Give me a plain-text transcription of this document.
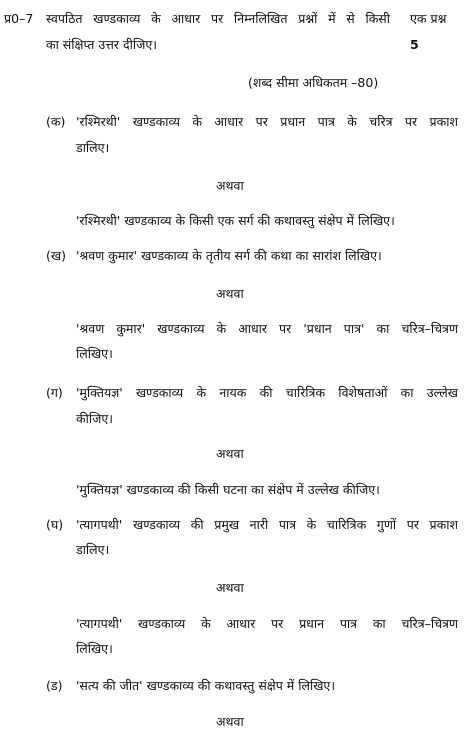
प्र0–7 स्वपठित खण्डकाव्य के आधार पर निम्नलिखित प्रश्नों में से किसी एक प्रश्न
का संक्षिप्त उत्तर दीजिए।	5
(शब्द सीमा अधिकतम –80)
(क) 'रश्मिरथी' खण्डकाव्य के आधार पर प्रधान पात्र के चरित्र पर प्रकाश
डालिए।
अथवा
'रश्मिरथी' खण्डकाव्य के किसी एक सर्ग की कथावस्तु संक्षेप में लिखिए।
(ख) 'श्रवण कुमार' खण्डकाव्य के तृतीय सर्ग की कथा का सारांश लिखिए।
अथवा
'श्रवण कुमार' खण्डकाव्य के आधार पर 'प्रधान पात्र' का चरित्र–चित्रण
लिखिए।
(ग) 'मुक्तियज्ञ' खण्डकाव्य के नायक की चारित्रिक विशेषताओं का उल्लेख
कीजिए।
अथवा
'मुक्तियज्ञ' खण्डकाव्य की किसी घटना का संक्षेप में उल्लेख कीजिए।
(घ) 'त्यागपथी' खण्डकाव्य की प्रमुख नारी पात्र के चारित्रिक गुणों पर प्रकाश
डालिए।
अथवा
'त्यागपथी' खण्डकाव्य के आधार पर प्रधान पात्र का चरित्र–चित्रण
लिखिए।
(ड) 'सत्य की जीत' खण्डकाव्य की कथावस्तु संक्षेप में लिखिए।
अथवा
